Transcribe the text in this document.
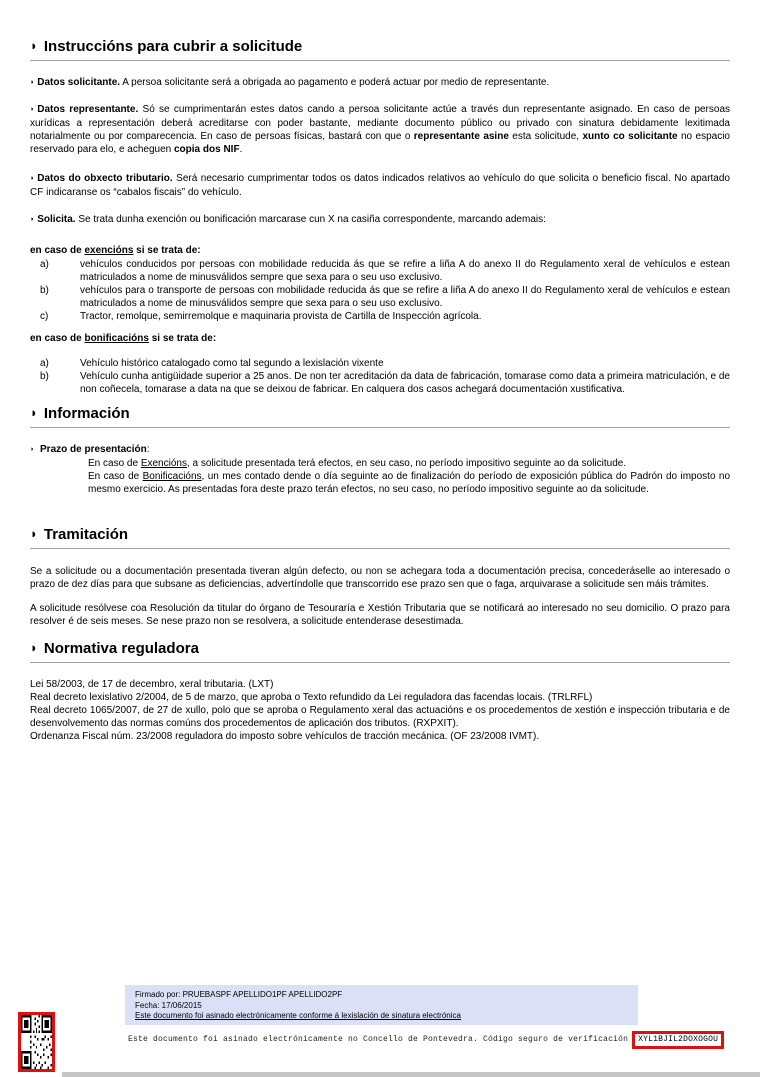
◗ Instruccións para cubrir a solicitude

◗ Datos solicitante. A persoa solicitante será a obrigada ao pagamento e poderá actuar por medio de representante.

◗ Datos representante. Só se cumprimentarán estes datos cando a persoa solicitante actúe a través dun representante asignado. En caso de persoas xurídicas a representación deberá acreditarse con poder bastante, mediante documento público ou privado con sinatura debidamente lexitimada notarialmente ou por comparecencia. En caso de persoas físicas, bastará con que o representante asine esta solicitude, xunto co solicitante no espacio reservado para elo, e acheguen copia dos NIF.

◗ Datos do obxecto tributario. Será necesario cumprimentar todos os datos indicados relativos ao vehículo do que solicita o beneficio fiscal. No apartado CF indicaranse os “cabalos fiscais” do vehículo.

◗ Solicita. Se trata dunha exención ou bonificación marcarase cun X na casiña correspondente, marcando ademais:

en caso de exencións si se trata de:

a)	vehículos conducidos por persoas con mobilidade reducida ás que se refire a liña A do anexo II do Regulamento xeral de vehículos e estean matriculados a nome de minusválidos sempre que sexa para o seu uso exclusivo.
b)	vehículos para o transporte de persoas con mobilidade reducida ás que se refire a liña A do anexo II do Regulamento xeral de vehículos e estean matriculados a nome de minusválidos sempre que sexa para o seu uso exclusivo.
c)	Tractor, remolque, semirremolque e maquinaria provista de Cartilla de Inspección agrícola.

en caso de bonificacións si se trata de:

a)	Vehículo histórico catalogado como tal segundo a lexislación vixente
b)	Vehículo cunha antigüidade superior a 25 anos. De non ter acreditación da data de fabricación, tomarase como data a primeira matriculación, e de non coñecela, tomarase a data na que se deixou de fabricar. En calquera dos casos achegará documentación xustificativa.
◗ Información

◗ Prazo de presentación:

En caso de Exencións, a solicitude presentada terá efectos, en seu caso, no período impositivo seguinte ao da solicitude.

En caso de Bonificacións, un mes contado dende o día seguinte ao de finalización do período de exposición pública do Padrón do imposto no mesmo exercicio. As presentadas fora deste prazo terán efectos, no seu caso, no período impositivo seguinte ao da solicitude.

◗ Tramitación

Se a solicitude ou a documentación presentada tiveran algún defecto, ou non se achegara toda a documentación precisa, concederáselle ao interesado o prazo de dez días para que subsane as deficiencias, advertíndolle que transcorrido ese prazo sen que o faga, arquivarase a solicitude sen máis trámites.

A solicitude resólvese coa Resolución da titular do órgano de Tesouraría e Xestión Tributaria que se notificará ao interesado no seu domicilio. O prazo para resolver é de seis meses. Se nese prazo non se resolvera, a solicitude entenderase desestimada.

◗ Normativa reguladora

Lei 58/2003, de 17 de decembro, xeral tributaria. (LXT)

Real decreto lexislativo 2/2004, de 5 de marzo, que aproba o Texto refundido da Lei reguladora das facendas locais. (TRLRFL)

Real decreto 1065/2007, de 27 de xullo, polo que se aproba o Regulamento xeral das actuacións e os procedementos de xestión e inspección tributaria e de desenvolvemento das normas comúns dos procedementos de aplicación dos tributos. (RXPXIT).

Ordenanza Fiscal núm. 23/2008 reguladora do imposto sobre vehículos de tracción mecánica. (OF 23/2008 IVMT).

Firmado por: PRUEBASPF APELLIDO1PF APELLIDO2PF
Fecha: 17/06/2015
Este documento foi asinado electrónicamente conforme á lexislación de sinatura electrónica
Este documento foi asinado electrónicamente no Concello de Pontevedra. Código seguro de verificación	XYL1BJIL2DOXOGOU
